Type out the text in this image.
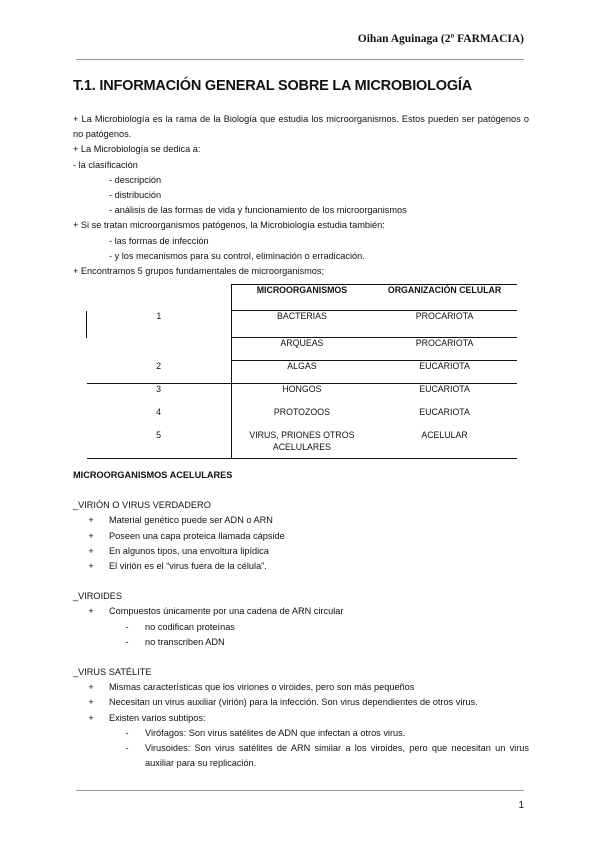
Oihan Aguinaga (2º FARMACIA)
T.1. INFORMACIÓN GENERAL SOBRE LA MICROBIOLOGÍA
+ La Microbiología es la rama de la Biología que estudia los microorganismos. Estos pueden ser patógenos o no patógenos.
+ La Microbiología se dedica a:
- la clasificación
- descripción
- distribución
- análisis de las formas de vida y funcionamiento de los microorganismos
+ Si se tratan microorganismos patógenos, la Microbiología estudia también:
- las formas de infección
- y los mecanismos para su control, eliminación o erradicación.
+ Encontramos 5 grupos fundamentales de microorganismos;
	MICROORGANISMOS	ORGANIZACIÓN CELULAR
1	BACTERIAS	PROCARIOTA
	ARQUEAS	PROCARIOTA
2	ALGAS	EUCARIOTA
3	HONGOS	EUCARIOTA
4	PROTOZOOS	EUCARIOTA
5	VIRUS, PRIONES OTROS ACELULARES	ACELULAR
MICROORGANISMOS ACELULARES
_VIRIÓN O VIRUS VERDADERO
+	Material genético puede ser ADN o ARN
+	Poseen una capa proteica llamada cápside
+	En algunos tipos, una envoltura lipídica
+	El virión es el “virus fuera de la célula”.
_VIROIDES
+	Compuestos únicamente por una cadena de ARN circular
-	no codifican proteínas
-	no transcriben ADN
_VIRUS SATÉLITE
+	Mismas características que los viriones o viroides, pero son más pequeños
+	Necesitan un virus auxiliar (virión) para la infección. Son virus dependientes de otros virus.
+	Existen varios subtipos:
-	Virófagos: Son virus satélites de ADN que infectan a otros virus.
-	Virusoides: Son virus satélites de ARN similar a los viroides, pero que necesitan un virus auxiliar para su replicación.
1
